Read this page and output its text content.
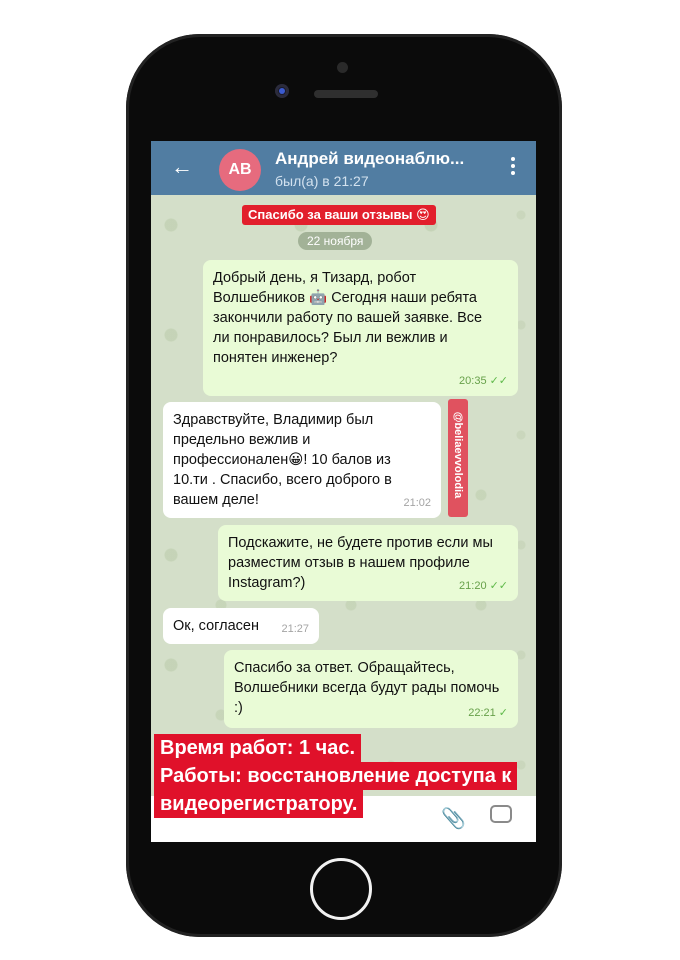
←	AB
Андрей видеонаблю...
был(а) в 21:27
Спасибо за ваши отзывы 😍
22 ноября
Добрый день, я Тизард, робот Волшебников 🤖 Сегодня наши ребята закончили работу по вашей заявке. Все ли понравилось? Был ли вежлив и понятен инженер?
20:35 ✓✓
Здравствуйте, Владимир был предельно вежлив и профессионален😀! 10 балов из 10.ти . Спасибо, всего доброго в вашем деле!	21:02
@beliaevvolodia
Подскажите, не будете против если мы разместим отзыв в нашем профиле Instagram?)	21:20 ✓✓
Ок, согласен	21:27
Спасибо за ответ. Обращайтесь, Волшебники всегда будут рады помочь :)	22:21 ✓
📎
Время работ: 1 час.
Работы: восстановление доступа к
видеорегистратору.
